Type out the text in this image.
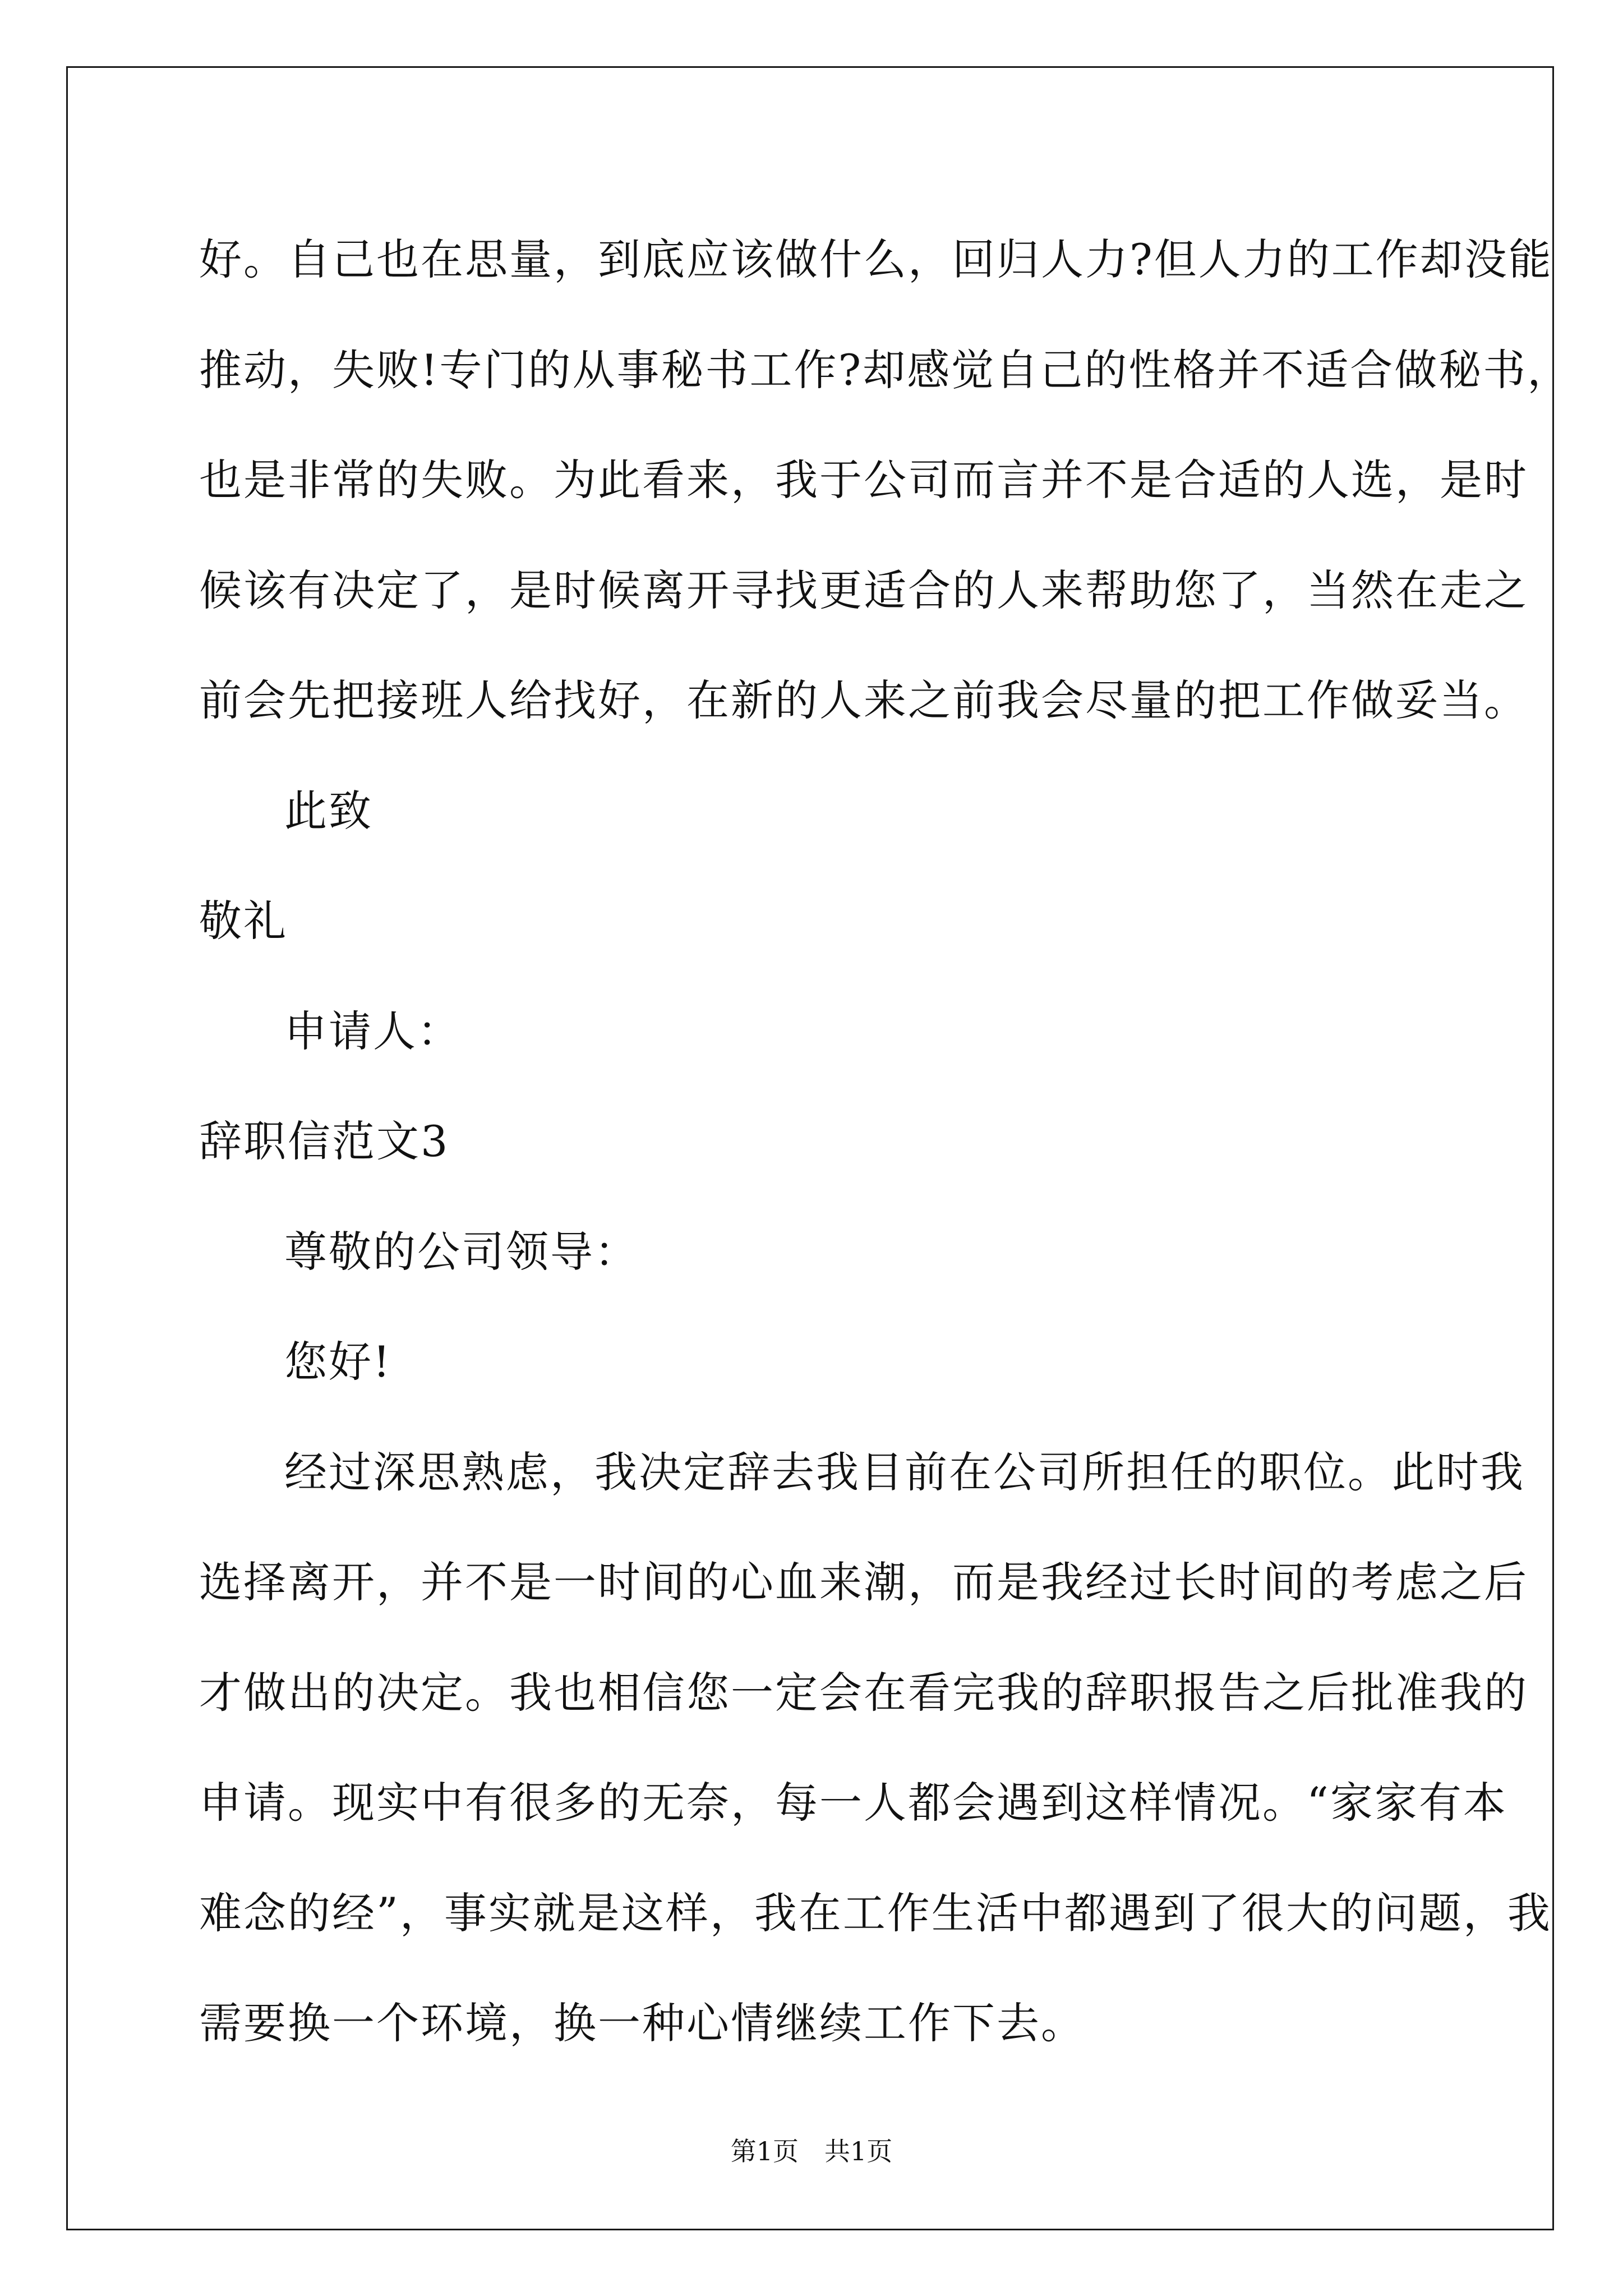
好。自己也在思量，到底应该做什么，回归人力?但人力的工作却没能
推动，失败!专门的从事秘书工作?却感觉自己的性格并不适合做秘书，
也是非常的失败。为此看来，我于公司而言并不是合适的人选，是时
候该有决定了，是时候离开寻找更适合的人来帮助您了，当然在走之
前会先把接班人给找好，在新的人来之前我会尽量的把工作做妥当。
此致
敬礼
申请人：
辞职信范文3
尊敬的公司领导：
您好!
经过深思熟虑，我决定辞去我目前在公司所担任的职位。此时我
选择离开，并不是一时间的心血来潮，而是我经过长时间的考虑之后
才做出的决定。我也相信您一定会在看完我的辞职报告之后批准我的
申请。现实中有很多的无奈，每一人都会遇到这样情况。“家家有本
难念的经”，事实就是这样，我在工作生活中都遇到了很大的问题，我
需要换一个环境，换一种心情继续工作下去。
第1页　共1页
